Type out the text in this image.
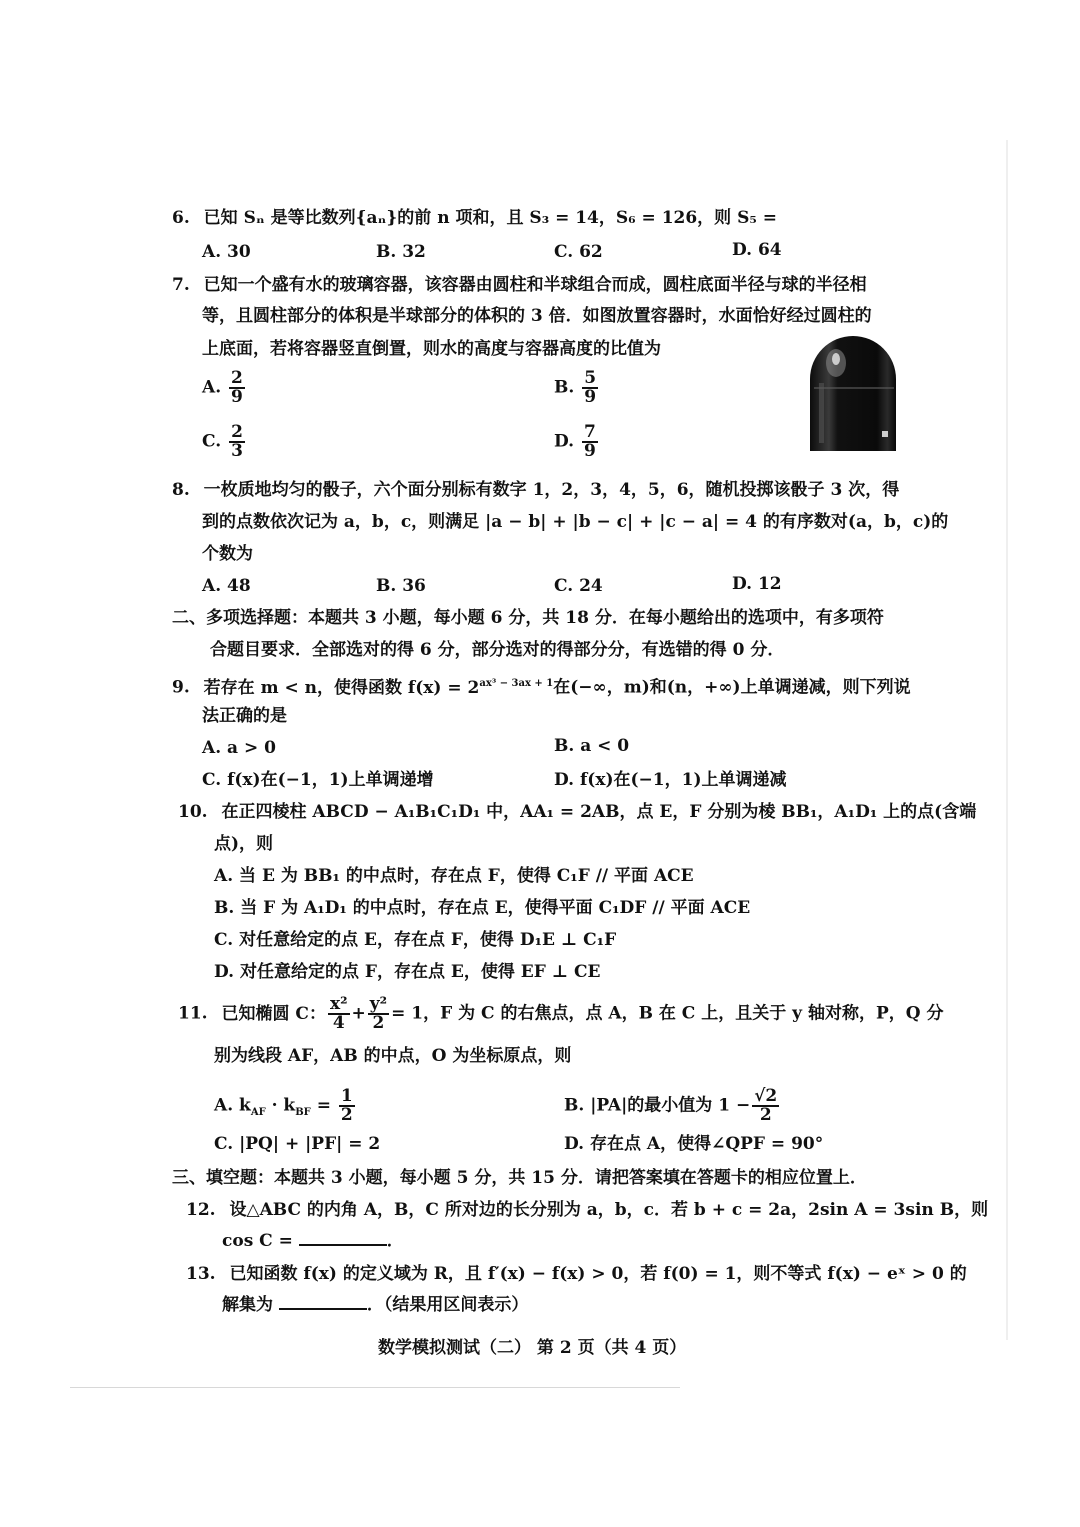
6. 已知 Sₙ 是等比数列{aₙ}的前 n 项和，且 S₃ = 14，S₆ = 126，则 S₅ =
A. 30	B. 32	C. 62	D. 64
7. 已知一个盛有水的玻璃容器，该容器由圆柱和半球组合而成，圆柱底面半径与球的半径相
等，且圆柱部分的体积是半球部分的体积的 3 倍．如图放置容器时，水面恰好经过圆柱的
上底面，若将容器竖直倒置，则水的高度与容器高度的比值为
A. $\frac{2}{9}$	B. $\frac{5}{9}$
C. $\frac{2}{3}$	D. $\frac{7}{9}$
8. 一枚质地均匀的骰子，六个面分别标有数字 1，2，3，4，5，6，随机投掷该骰子 3 次，得
到的点数依次记为 a，b，c，则满足 |a − b| + |b − c| + |c − a| = 4 的有序数对(a，b，c)的
个数为
A. 48	B. 36	C. 24	D. 12
二、多项选择题：本题共 3 小题，每小题 6 分，共 18 分．在每小题给出的选项中，有多项符
合题目要求．全部选对的得 6 分，部分选对的得部分分，有选错的得 0 分．
9. 若存在 m < n，使得函数 $f(x) = 2^{ax^3 - 3ax + 1}$在(−∞，m)和(n，+∞)上单调递减，则下列说
法正确的是
A. a > 0	B. a < 0
C. f(x)在(−1，1)上单调递增	D. f(x)在(−1，1)上单调递减
10. 在正四棱柱 ABCD − A₁B₁C₁D₁ 中，AA₁ = 2AB，点 E，F 分别为棱 BB₁，A₁D₁ 上的点(含端
点)，则
A. 当 E 为 BB₁ 的中点时，存在点 F，使得 C₁F // 平面 ACE
B. 当 F 为 A₁D₁ 的中点时，存在点 E，使得平面 C₁DF // 平面 ACE
C. 对任意给定的点 E，存在点 F，使得 D₁E ⊥ C₁F
D. 对任意给定的点 F，存在点 E，使得 EF ⊥ CE
11. 已知椭圆 C： $\frac{\text{x²}}{4} + \frac{\text{y²}}{2} = 1$，F 为 C 的右焦点，点 A，B 在 C 上，且关于 y 轴对称，P，Q 分
别为线段 AF，AB 的中点，O 为坐标原点，则
A. $k_{AF} \cdot k_{BF} = \frac{1}{2}$	B. |PA|的最小值为 $1 - \frac{√2}{2}$
C. |PQ| + |PF| = 2	D. 存在点 A，使得∠QPF = 90°
三、填空题：本题共 3 小题，每小题 5 分，共 15 分．请把答案填在答题卡的相应位置上．
12. 设△ABC 的内角 A，B，C 所对边的长分别为 a，b，c．若 b + c = 2a，2sin A = 3sin B，则
cos C =	．
13. 已知函数 f(x) 的定义域为 R，且 f′(x) − f(x) > 0，若 f(0) = 1，则不等式 f(x) − eˣ > 0 的
解集为	．（结果用区间表示）
数学模拟测试（二） 第 2 页（共 4 页）
